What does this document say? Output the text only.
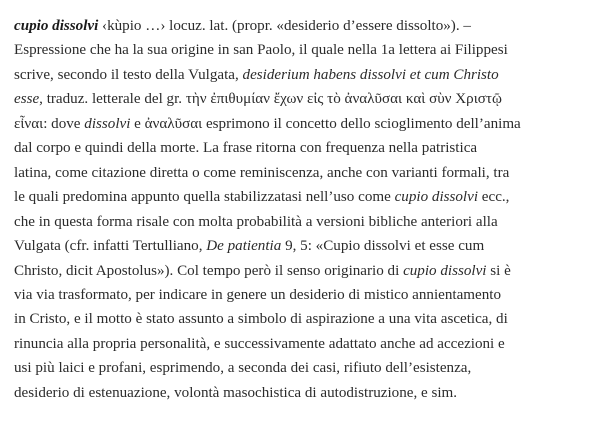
cupio dissolvi ‹kùpio …› locuz. lat. (propr. «desiderio d’essere dissolto»). –
Espressione che ha la sua origine in san Paolo, il quale nella 1a lettera ai Filippesi
scrive, secondo il testo della Vulgata, desiderium habens dissolvi et cum Christo
esse, traduz. letterale del gr. τὴν ἐπιθυμίαν ἔχων εἰς τὸ ἀναλῦσαι καὶ σὺν Χριστῷ
εἶναι: dove dissolvi e ἀναλῦσαι esprimono il concetto dello scioglimento dell’anima
dal corpo e quindi della morte. La frase ritorna con frequenza nella patristica
latina, come citazione diretta o come reminiscenza, anche con varianti formali, tra
le quali predomina appunto quella stabilizzatasi nell’uso come cupio dissolvi ecc.,
che in questa forma risale con molta probabilità a versioni bibliche anteriori alla
Vulgata (cfr. infatti Tertulliano, De patientia 9, 5: «Cupio dissolvi et esse cum
Christo, dicit Apostolus»). Col tempo però il senso originario di cupio dissolvi si è
via via trasformato, per indicare in genere un desiderio di mistico annientamento
in Cristo, e il motto è stato assunto a simbolo di aspirazione a una vita ascetica, di
rinuncia alla propria personalità, e successivamente adattato anche ad accezioni e
usi più laici e profani, esprimendo, a seconda dei casi, rifiuto dell’esistenza,
desiderio di estenuazione, volontà masochistica di autodistruzione, e sim.
